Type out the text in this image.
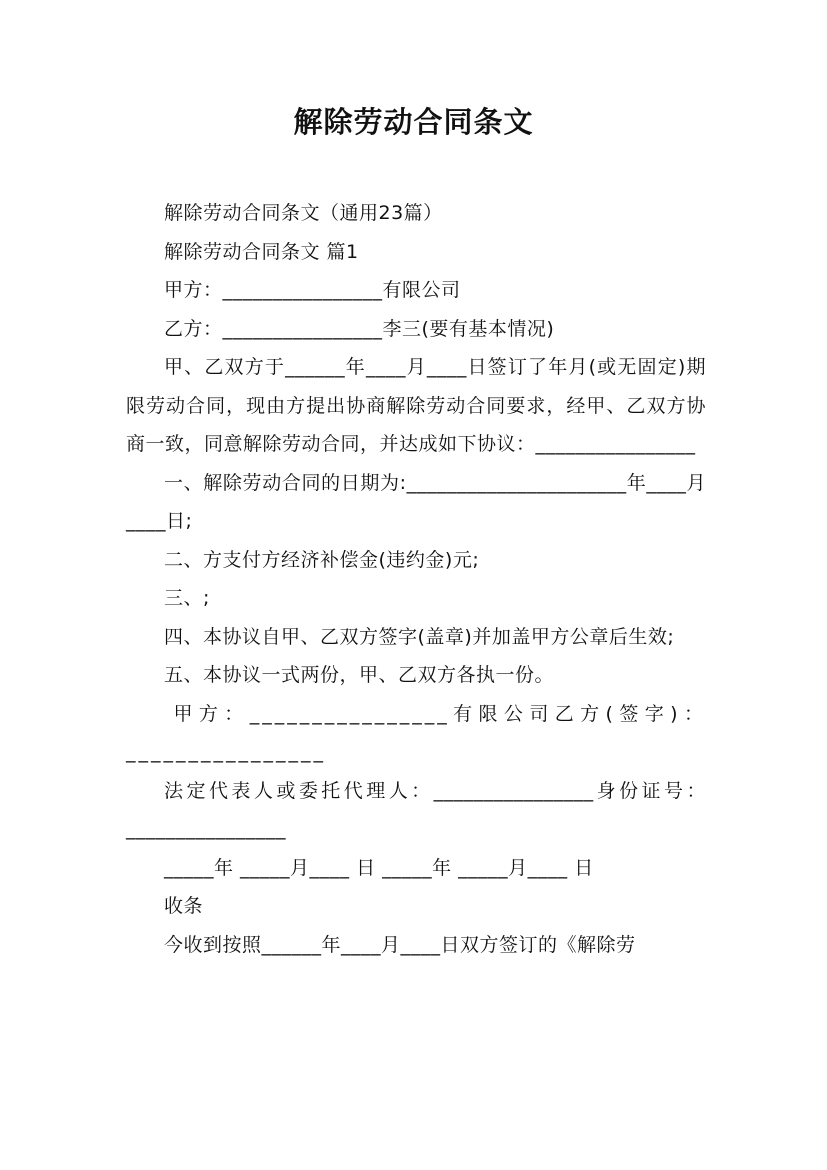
解除劳动合同条文

解除劳动合同条文（通用23篇）

解除劳动合同条文 篇1

甲方：________________有限公司

乙方：________________李三(要有基本情况)

甲、乙双方于______年____月____日签订了年月(或无固定)期限劳动合同，现由方提出协商解除劳动合同要求，经甲、乙双方协商一致，同意解除劳动合同，并达成如下协议：________________

一、解除劳动合同的日期为:______________________年____月____日;

二、方支付方经济补偿金(违约金)元;

三、;

四、本协议自甲、乙双方签字(盖章)并加盖甲方公章后生效;

五、本协议一式两份，甲、乙双方各执一份。

甲方：________________有限公司乙方(签字)：________________

法定代表人或委托代理人：________________身份证号：________________

_____年 _____月____ 日 _____年 _____月____ 日

收条

今收到按照______年____月____日双方签订的《解除劳
